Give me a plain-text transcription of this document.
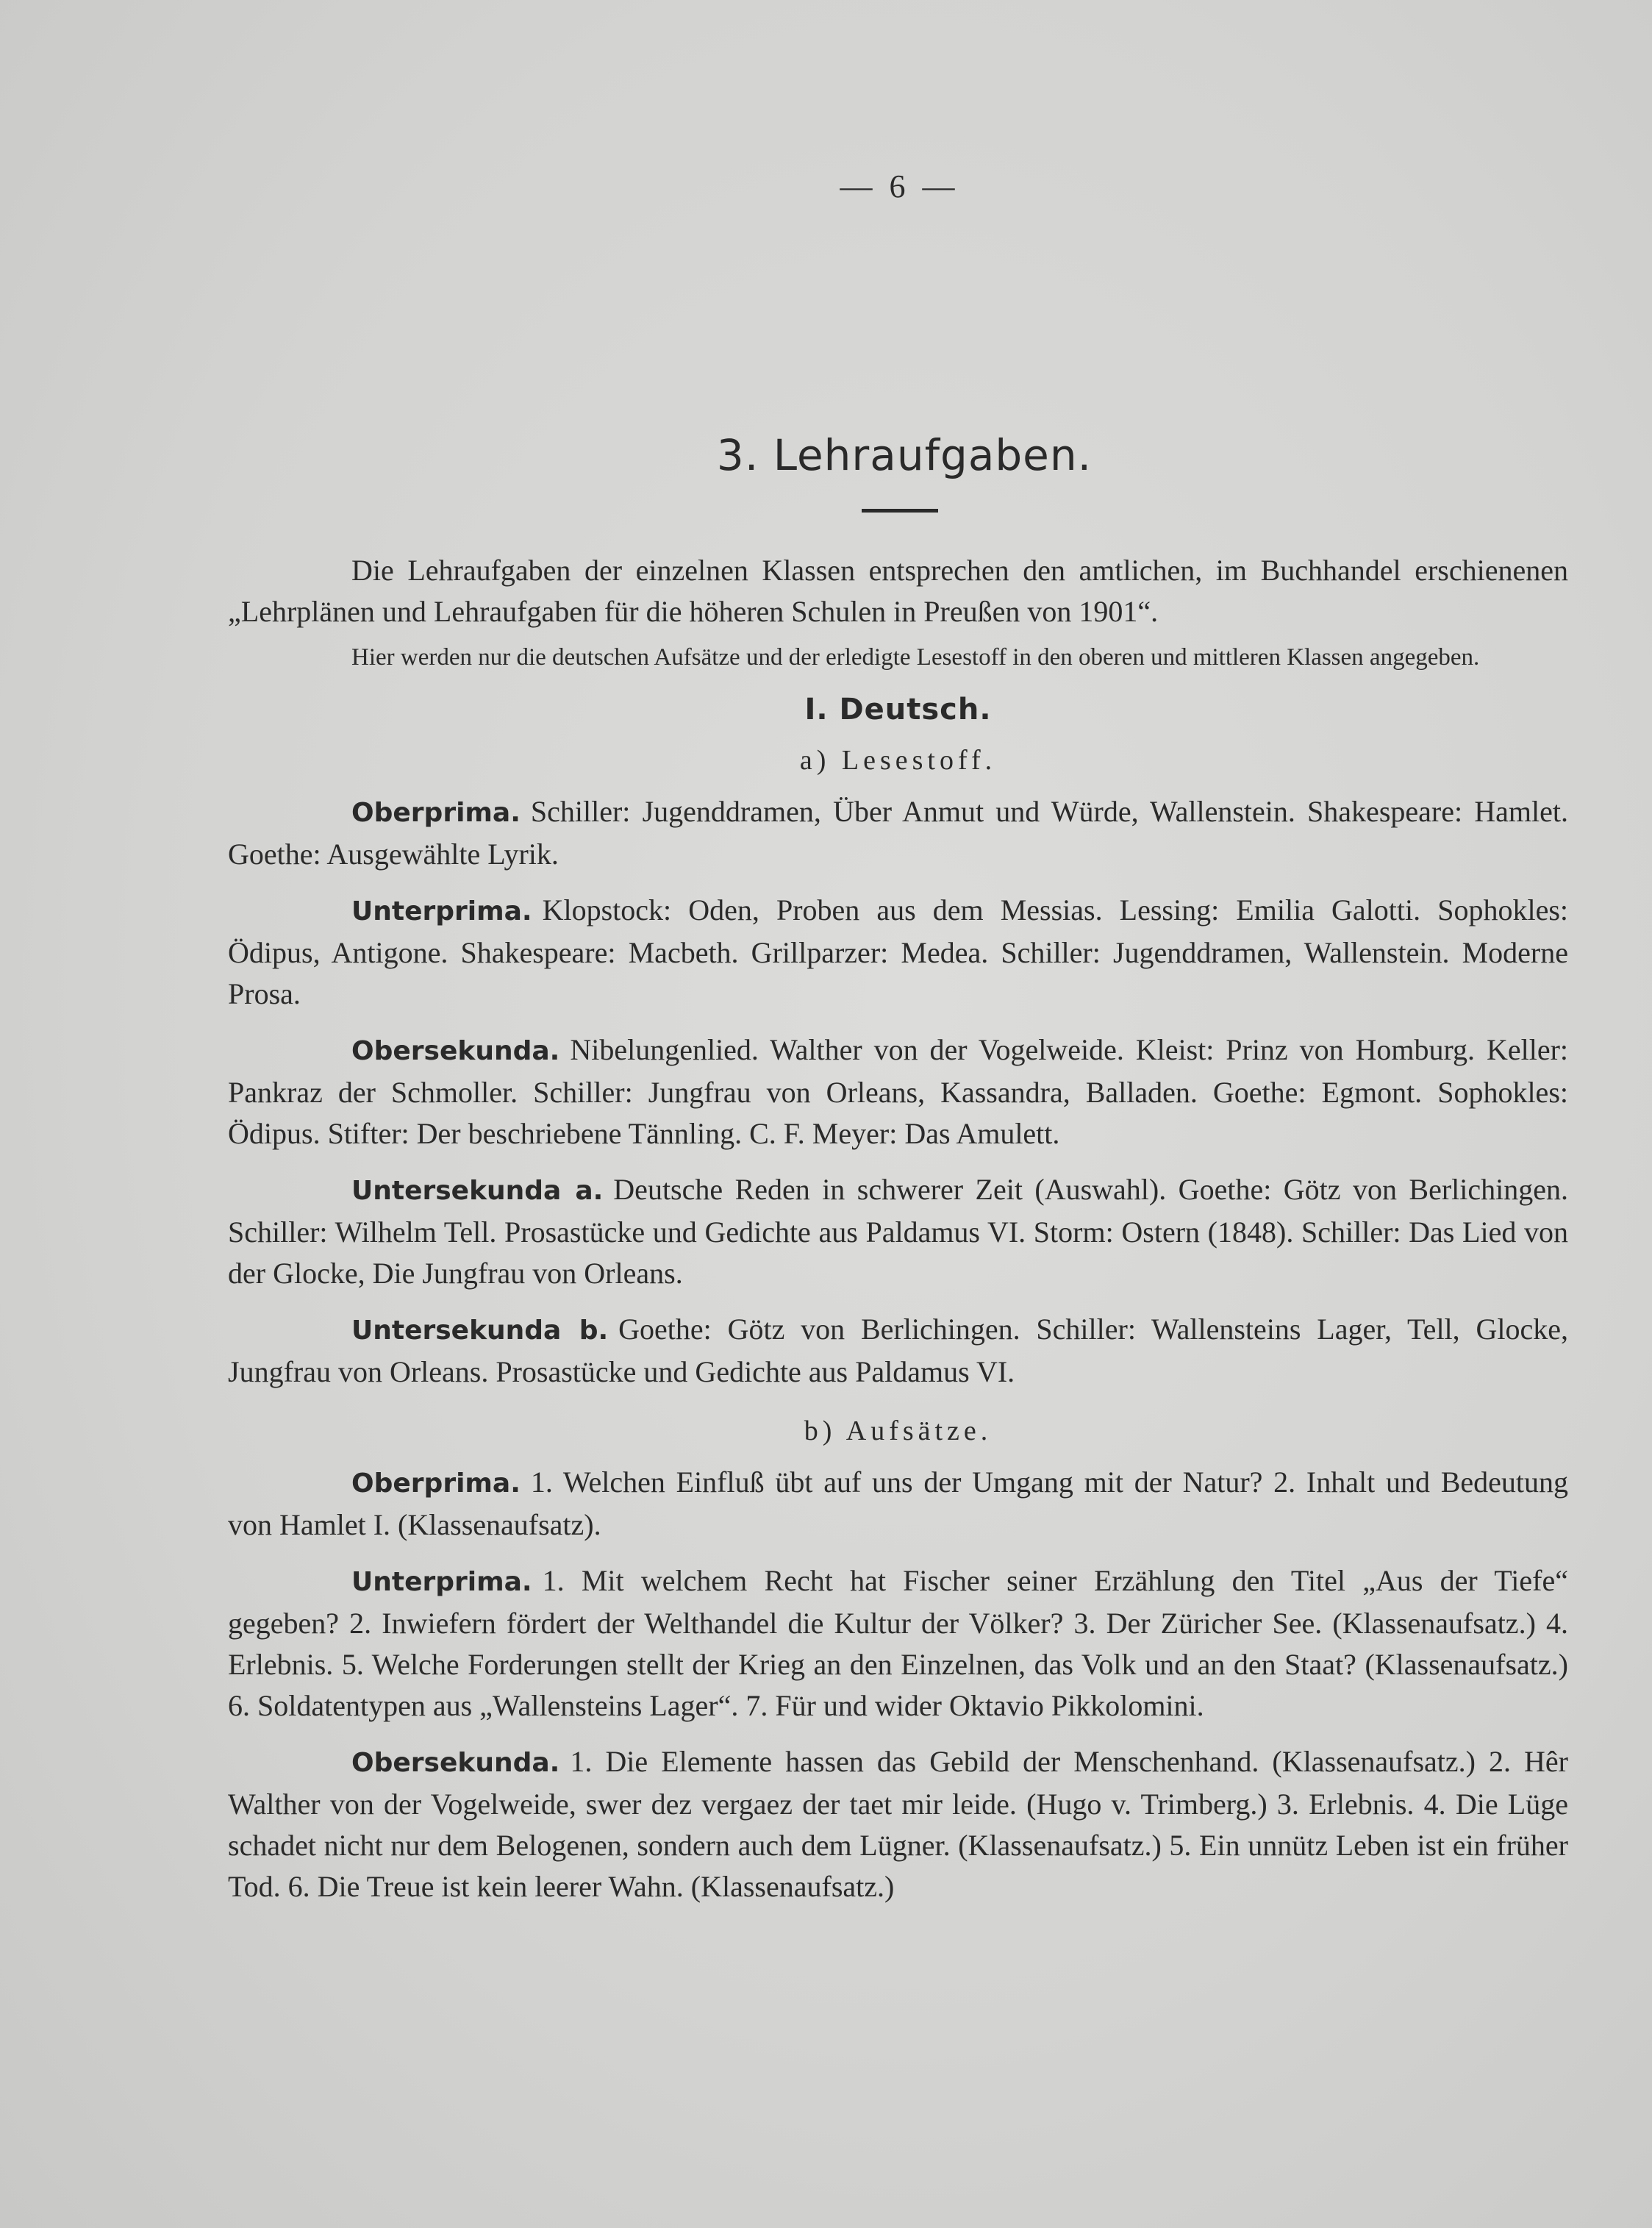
— 6 —
3. Lehraufgaben.

Die Lehraufgaben der einzelnen Klassen entsprechen den amtlichen, im Buchhandel erschienenen „Lehrplänen und Lehraufgaben für die höheren Schulen in Preußen von 1901“.

Hier werden nur die deutschen Aufsätze und der erledigte Lesestoff in den oberen und mittleren Klassen angegeben.

I. Deutsch.
a) Lesestoff.

Oberprima. Schiller: Jugenddramen, Über Anmut und Würde, Wallenstein. Shakespeare: Hamlet. Goethe: Ausgewählte Lyrik.

Unterprima. Klopstock: Oden, Proben aus dem Messias. Lessing: Emilia Galotti. Sophokles: Ödipus, Antigone. Shakespeare: Macbeth. Grillparzer: Medea. Schiller: Jugenddramen, Wallenstein. Moderne Prosa.

Obersekunda. Nibelungenlied. Walther von der Vogelweide. Kleist: Prinz von Homburg. Keller: Pankraz der Schmoller. Schiller: Jungfrau von Orleans, Kassandra, Balladen. Goethe: Egmont. Sophokles: Ödipus. Stifter: Der beschriebene Tännling. C. F. Meyer: Das Amulett.

Untersekunda a. Deutsche Reden in schwerer Zeit (Auswahl). Goethe: Götz von Berlichingen. Schiller: Wilhelm Tell. Prosastücke und Gedichte aus Paldamus VI. Storm: Ostern (1848). Schiller: Das Lied von der Glocke, Die Jungfrau von Orleans.

Untersekunda b. Goethe: Götz von Berlichingen. Schiller: Wallensteins Lager, Tell, Glocke, Jungfrau von Orleans. Prosastücke und Gedichte aus Paldamus VI.

b) Aufsätze.

Oberprima. 1. Welchen Einfluß übt auf uns der Umgang mit der Natur? 2. Inhalt und Bedeutung von Hamlet I. (Klassenaufsatz).

Unterprima. 1. Mit welchem Recht hat Fischer seiner Erzählung den Titel „Aus der Tiefe“ gegeben? 2. Inwiefern fördert der Welthandel die Kultur der Völker? 3. Der Züricher See. (Klassenaufsatz.) 4. Erlebnis. 5. Welche Forderungen stellt der Krieg an den Einzelnen, das Volk und an den Staat? (Klassenaufsatz.) 6. Soldatentypen aus „Wallensteins Lager“. 7. Für und wider Oktavio Pikkolomini.

Obersekunda. 1. Die Elemente hassen das Gebild der Menschenhand. (Klassenaufsatz.) 2. Hêr Walther von der Vogelweide, swer dez vergaez der taet mir leide. (Hugo v. Trimberg.) 3. Erlebnis. 4. Die Lüge schadet nicht nur dem Belogenen, sondern auch dem Lügner. (Klassenaufsatz.) 5. Ein unnütz Leben ist ein früher Tod. 6. Die Treue ist kein leerer Wahn. (Klassenaufsatz.)
